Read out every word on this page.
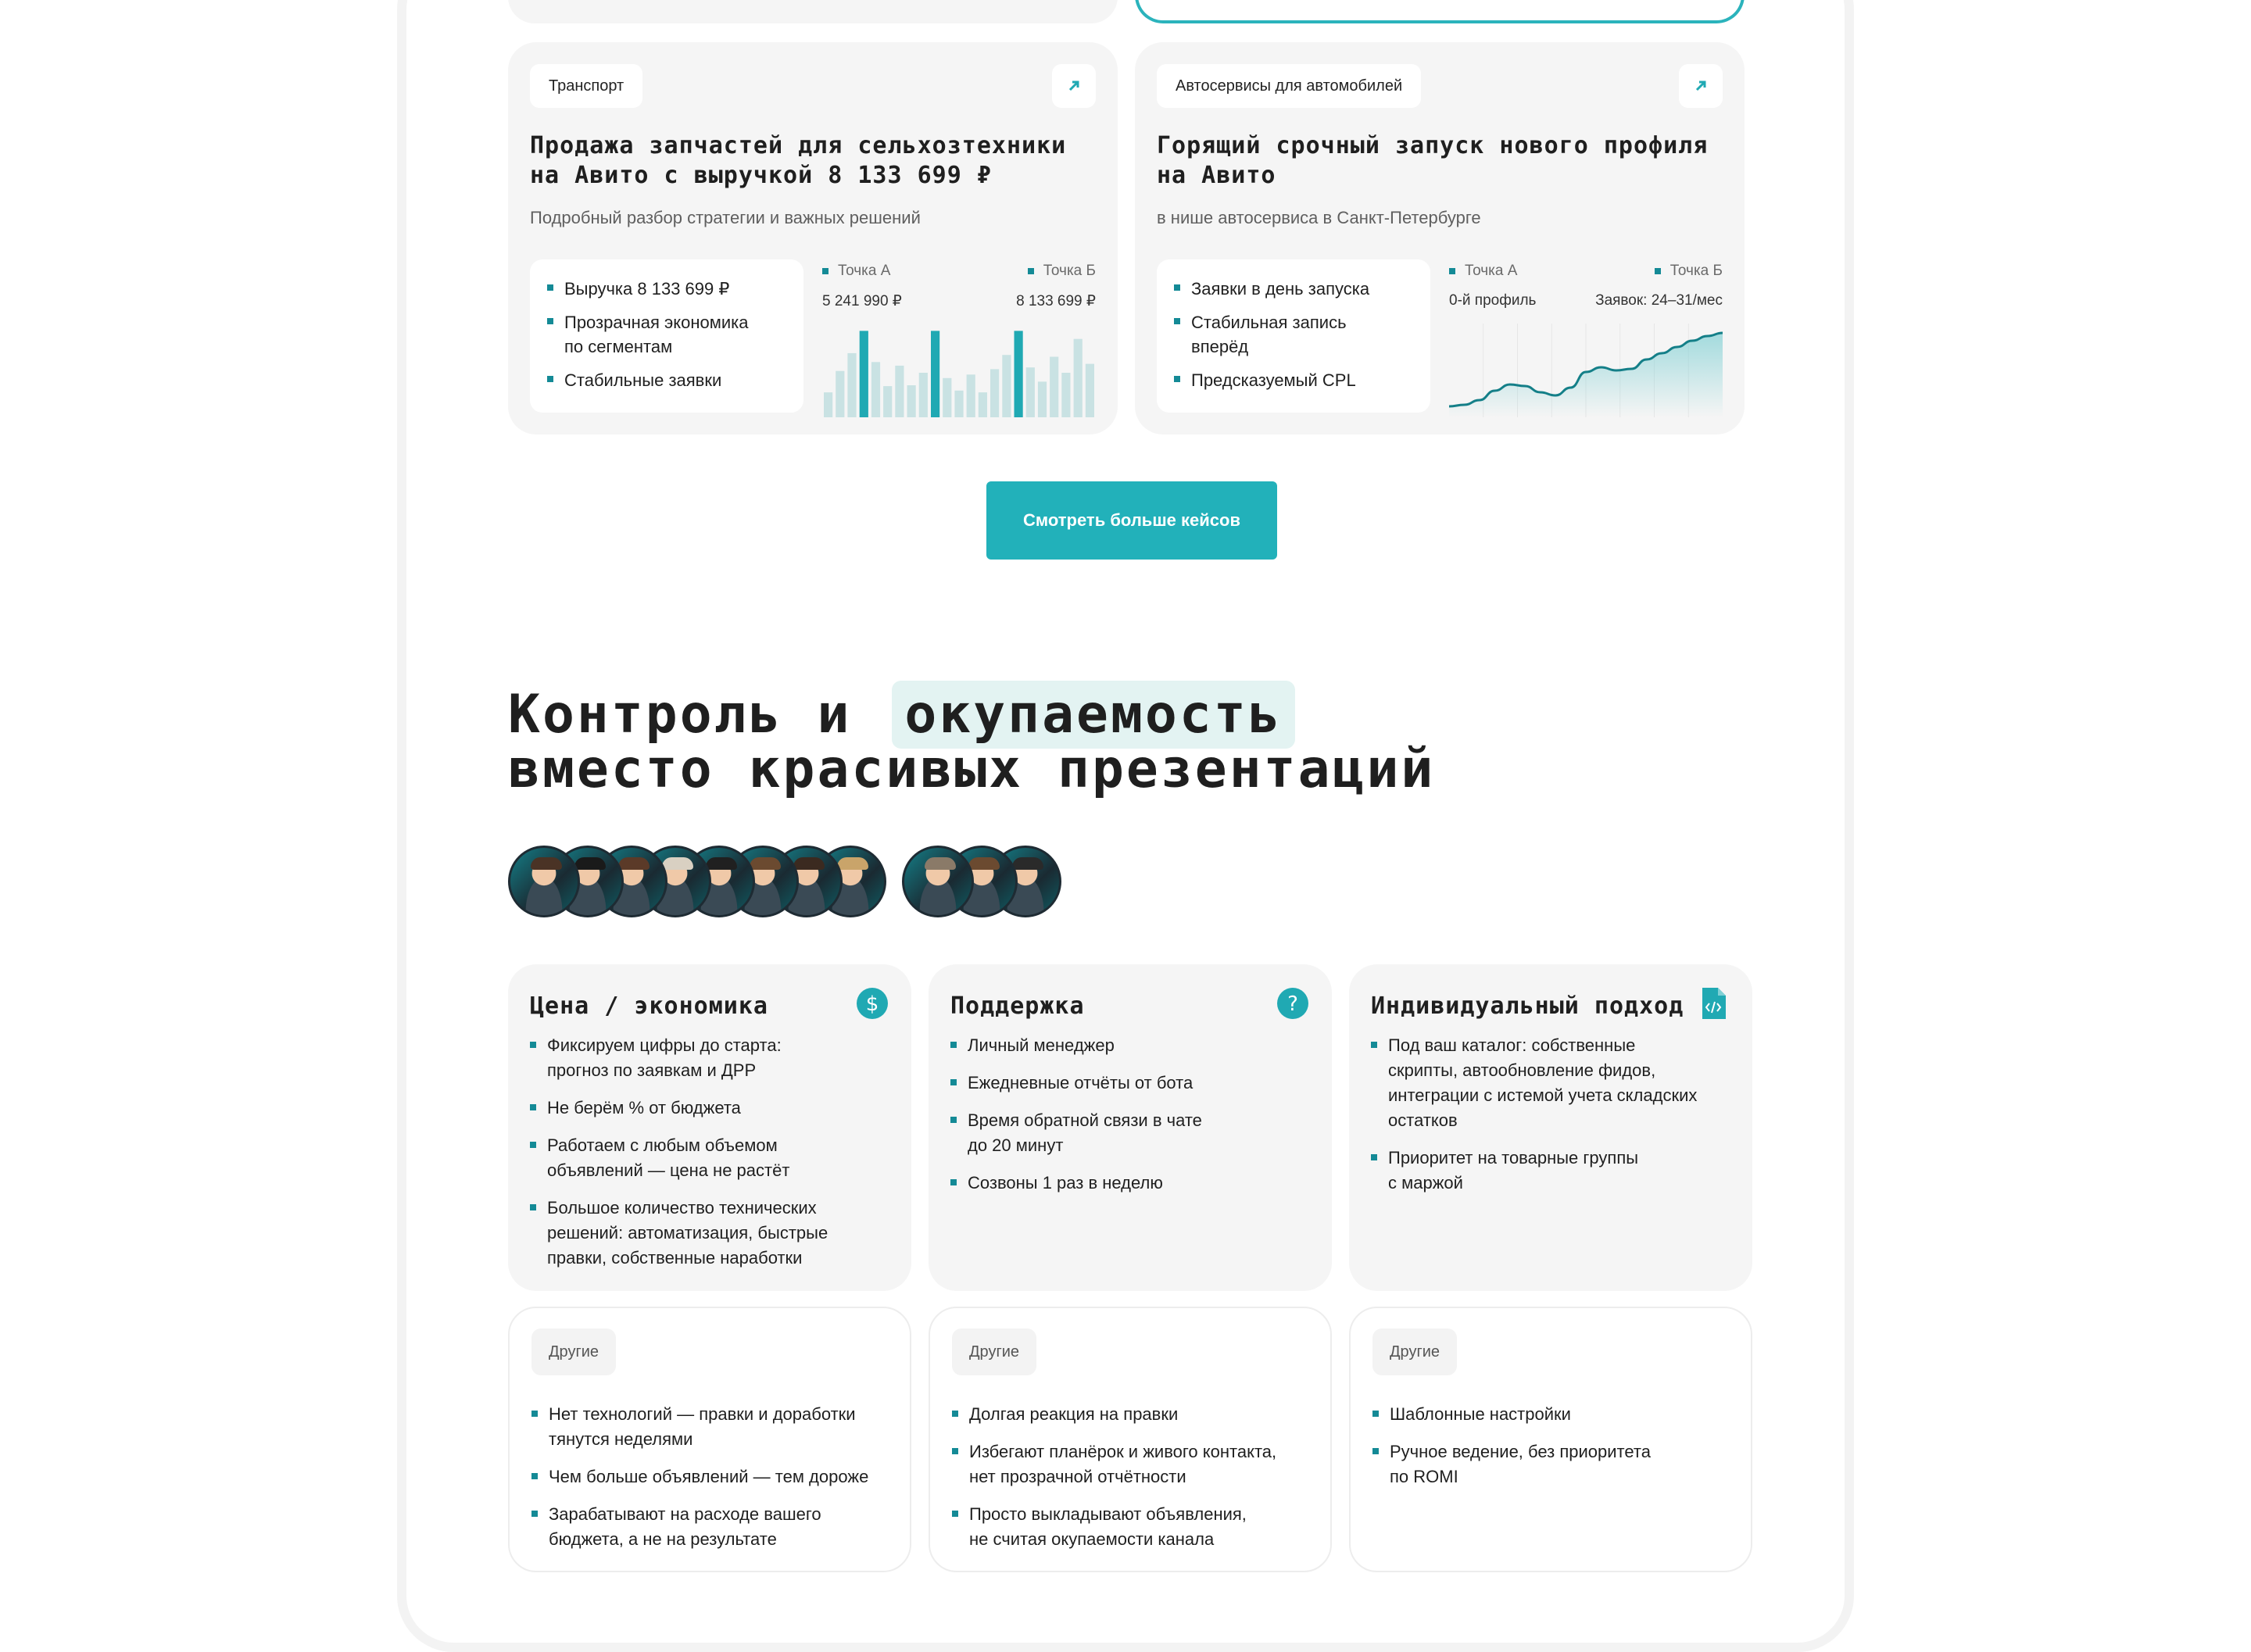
Транспорт
Продажа запчастей для сельхозтехники
на Авито с выручкой 8 133 699 ₽
Подробный разбор стратегии и важных решений
Выручка 8 133 699 ₽
Прозрачная экономика
по сегментам
Стабильные заявки
Точка А	Точка Б
5 241 990 ₽	8 133 699 ₽
Автосервисы для автомобилей
Горящий срочный запуск нового профиля
на Авито
в нише автосервиса в Санкт-Петербурге
Заявки в день запуска
Стабильная запись
вперёд
Предсказуемый CPL
Точка А	Точка Б
0-й профиль	Заявок: 24–31/мес
Смотреть больше кейсов
Контроль и окупаемость
вместо красивых презентаций
Цена / экономика	$
Фиксируем цифры до старта:
прогноз по заявкам и ДРР
Не берём % от бюджета
Работаем с любым объемом
объявлений — цена не растёт
Большое количество технических
решений: автоматизация, быстрые
правки, собственные наработки
Поддержка	?
Личный менеджер
Ежедневные отчёты от бота
Время обратной связи в чате
до 20 минут
Созвоны 1 раз в неделю
Индивидуальный подход
Под ваш каталог: собственные
скрипты, автообновление фидов,
интеграции с истемой учета складских
остатков
Приоритет на товарные группы
с маржой
Другие
Нет технологий — правки и доработки
тянутся неделями
Чем больше объявлений — тем дороже
Зарабатывают на расходе вашего
бюджета, а не на результате
Другие
Долгая реакция на правки
Избегают планёрок и живого контакта,
нет прозрачной отчётности
Просто выкладывают объявления,
не считая окупаемости канала
Другие
Шаблонные настройки
Ручное ведение, без приоритета
по ROMI
